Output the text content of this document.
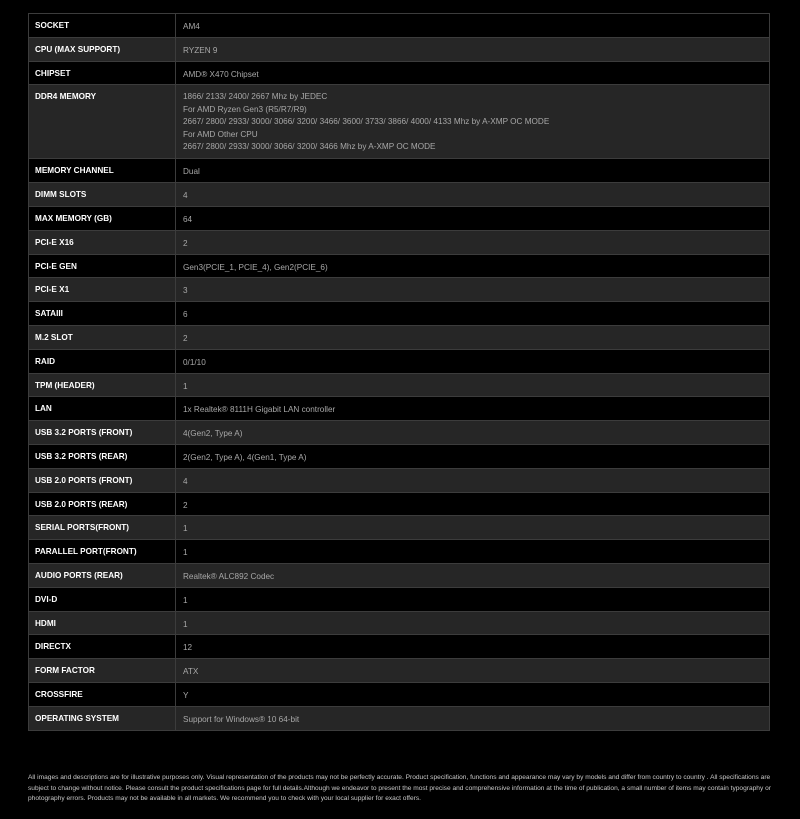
SOCKET	AM4
CPU (MAX SUPPORT)	RYZEN 9
CHIPSET	AMD® X470 Chipset
DDR4 MEMORY	1866/ 2133/ 2400/ 2667 Mhz by JEDEC
For AMD Ryzen Gen3 (R5/R7/R9)
2667/ 2800/ 2933/ 3000/ 3066/ 3200/ 3466/ 3600/ 3733/ 3866/ 4000/ 4133 Mhz by A-XMP OC MODE
For AMD Other CPU
2667/ 2800/ 2933/ 3000/ 3066/ 3200/ 3466 Mhz by A-XMP OC MODE
MEMORY CHANNEL	Dual
DIMM SLOTS	4
MAX MEMORY (GB)	64
PCI-E X16	2
PCI-E GEN	Gen3(PCIE_1, PCIE_4), Gen2(PCIE_6)
PCI-E X1	3
SATAIII	6
M.2 SLOT	2
RAID	0/1/10
TPM (HEADER)	1
LAN	1x Realtek® 8111H Gigabit LAN controller
USB 3.2 PORTS (FRONT)	4(Gen2, Type A)
USB 3.2 PORTS (REAR)	2(Gen2, Type A), 4(Gen1, Type A)
USB 2.0 PORTS (FRONT)	4
USB 2.0 PORTS (REAR)	2
SERIAL PORTS(FRONT)	1
PARALLEL PORT(FRONT)	1
AUDIO PORTS (REAR)	Realtek® ALC892 Codec
DVI-D	1
HDMI	1
DIRECTX	12
FORM FACTOR	ATX
CROSSFIRE	Y
OPERATING SYSTEM	Support for Windows® 10 64-bit
All images and descriptions are for illustrative purposes only. Visual representation of the products may not be perfectly accurate. Product specification, functions and appearance may vary by models and differ from country to country . All specifications are subject to change without notice. Please consult the product specifications page for full details.Although we endeavor to present the most precise and comprehensive information at the time of publication, a small number of items may contain typography or photography errors. Products may not be available in all markets. We recommend you to check with your local supplier for exact offers.
